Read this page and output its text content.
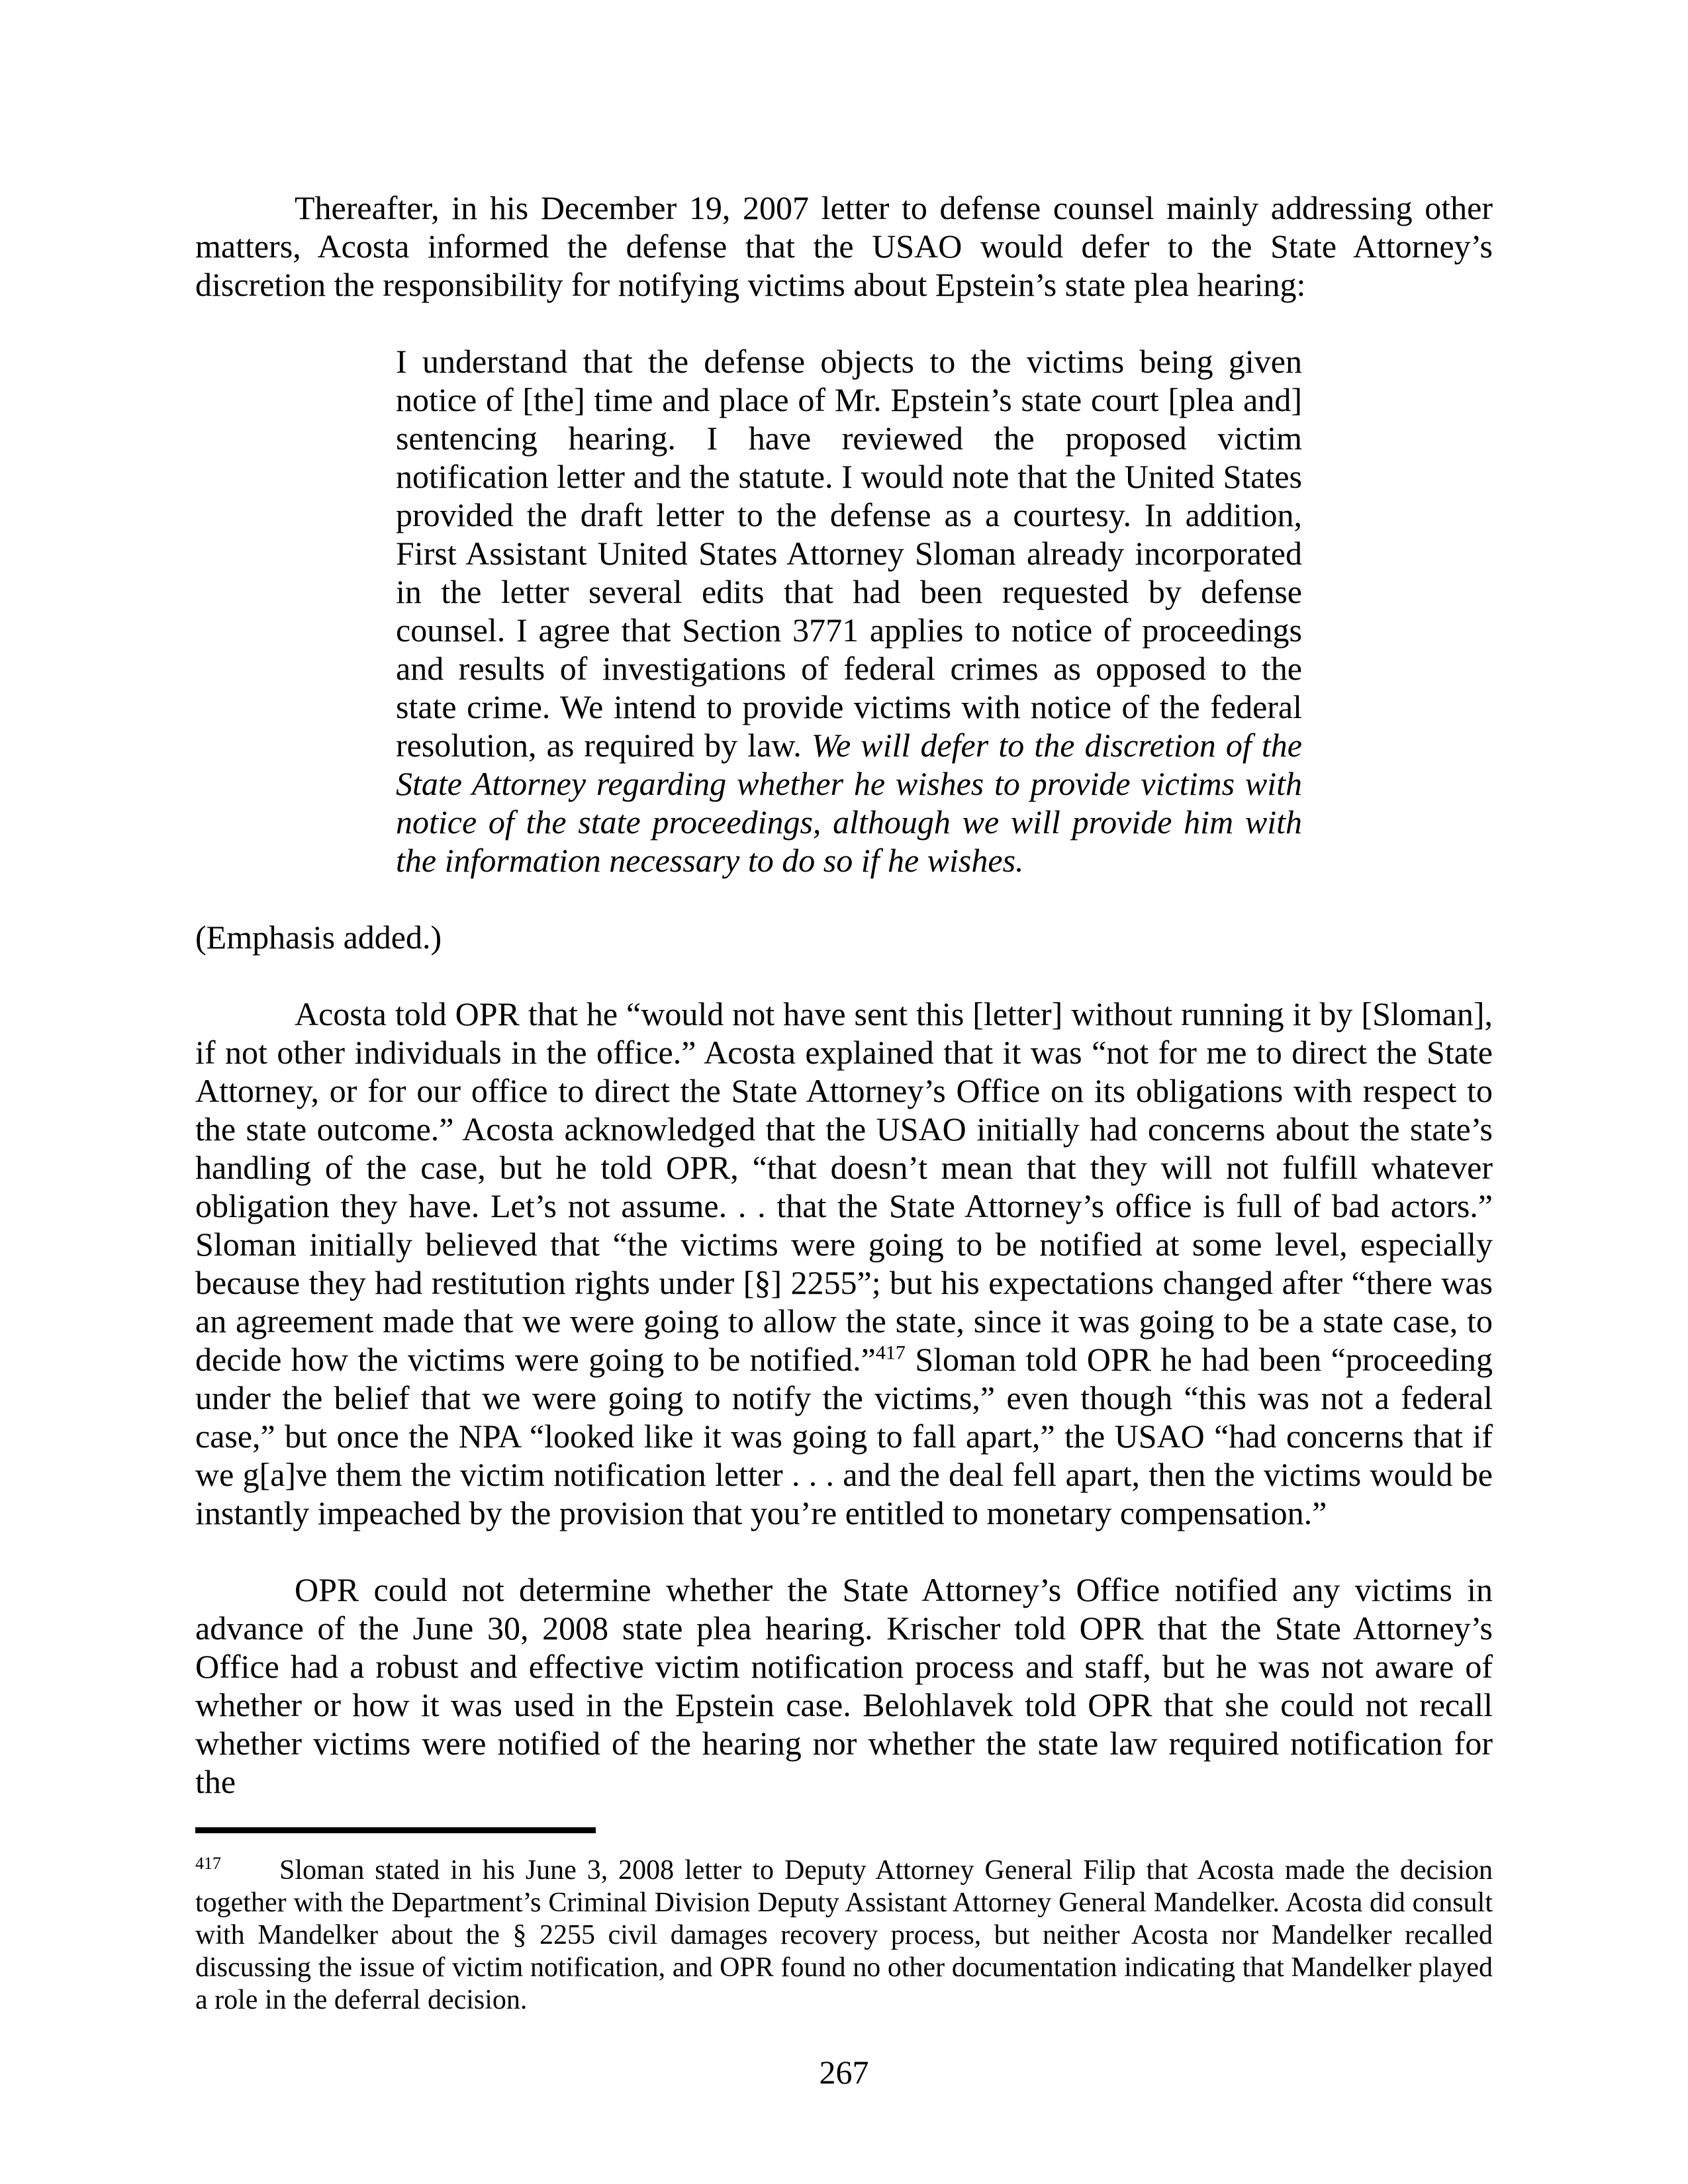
Thereafter, in his December 19, 2007 letter to defense counsel mainly addressing other matters, Acosta informed the defense that the USAO would defer to the State Attorney’s discretion the responsibility for notifying victims about Epstein’s state plea hearing:

I understand that the defense objects to the victims being given notice of [the] time and place of Mr. Epstein’s state court [plea and] sentencing hearing. I have reviewed the proposed victim notification letter and the statute. I would note that the United States provided the draft letter to the defense as a courtesy. In addition, First Assistant United States Attorney Sloman already incorporated in the letter several edits that had been requested by defense counsel. I agree that Section 3771 applies to notice of proceedings and results of investigations of federal crimes as opposed to the state crime. We intend to provide victims with notice of the federal resolution, as required by law. We will defer to the discretion of the State Attorney regarding whether he wishes to provide victims with notice of the state proceedings, although we will provide him with the information necessary to do so if he wishes.

(Emphasis added.)

Acosta told OPR that he “would not have sent this [letter] without running it by [Sloman], if not other individuals in the office.” Acosta explained that it was “not for me to direct the State Attorney, or for our office to direct the State Attorney’s Office on its obligations with respect to the state outcome.” Acosta acknowledged that the USAO initially had concerns about the state’s handling of the case, but he told OPR, “that doesn’t mean that they will not fulfill whatever obligation they have. Let’s not assume. . . that the State Attorney’s office is full of bad actors.” Sloman initially believed that “the victims were going to be notified at some level, especially because they had restitution rights under [§] 2255”; but his expectations changed after “there was an agreement made that we were going to allow the state, since it was going to be a state case, to decide how the victims were going to be notified.”$^{417}$ Sloman told OPR he had been “proceeding under the belief that we were going to notify the victims,” even though “this was not a federal case,” but once the NPA “looked like it was going to fall apart,” the USAO “had concerns that if we g[a]ve them the victim notification letter . . . and the deal fell apart, then the victims would be instantly impeached by the provision that you’re entitled to monetary compensation.”

OPR could not determine whether the State Attorney’s Office notified any victims in advance of the June 30, 2008 state plea hearing. Krischer told OPR that the State Attorney’s Office had a robust and effective victim notification process and staff, but he was not aware of whether or how it was used in the Epstein case. Belohlavek told OPR that she could not recall whether victims were notified of the hearing nor whether the state law required notification for the

$^{417}$ Sloman stated in his June 3, 2008 letter to Deputy Attorney General Filip that Acosta made the decision together with the Department’s Criminal Division Deputy Assistant Attorney General Mandelker. Acosta did consult with Mandelker about the § 2255 civil damages recovery process, but neither Acosta nor Mandelker recalled discussing the issue of victim notification, and OPR found no other documentation indicating that Mandelker played a role in the deferral decision.

267
